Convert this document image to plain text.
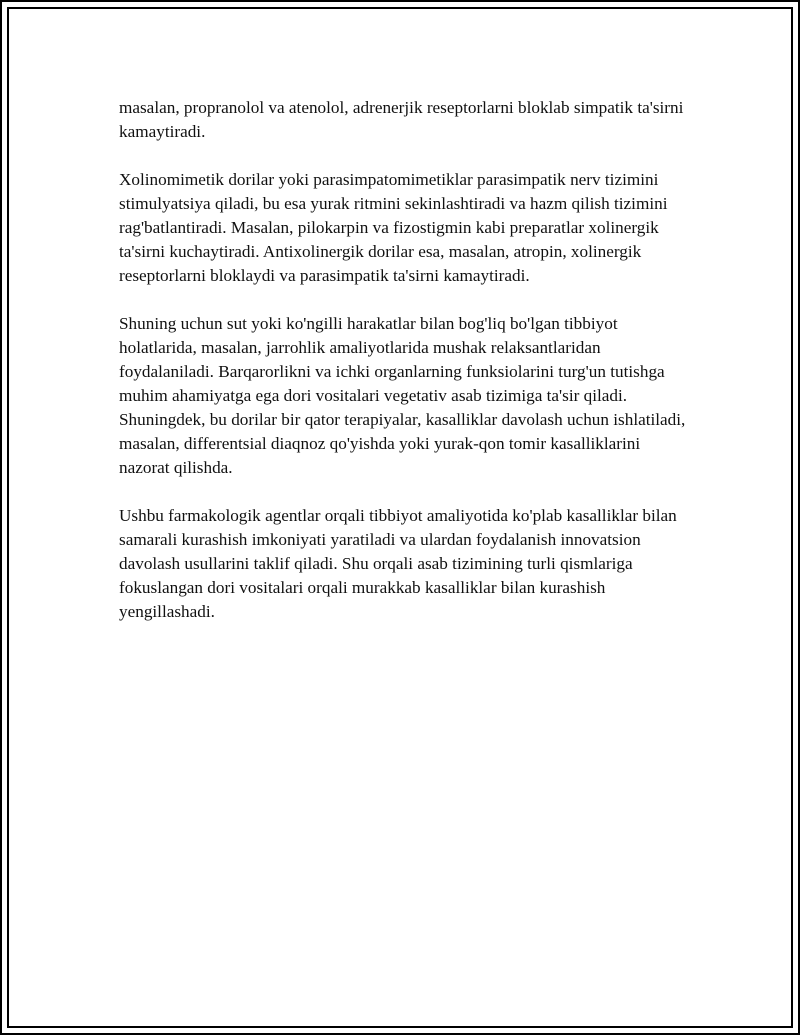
masalan, propranolol va atenolol, adrenerjik reseptorlarni bloklab simpatik ta'sirni kamaytiradi.

Xolinomimetik dorilar yoki parasimpatomimetiklar parasimpatik nerv tizimini stimulyatsiya qiladi, bu esa yurak ritmini sekinlashtiradi va hazm qilish tizimini rag'batlantiradi. Masalan, pilokarpin va fizostigmin kabi preparatlar xolinergik ta'sirni kuchaytiradi. Antixolinergik dorilar esa, masalan, atropin, xolinergik reseptorlarni bloklaydi va parasimpatik ta'sirni kamaytiradi.

Shuning uchun sut yoki ko'ngilli harakatlar bilan bog'liq bo'lgan tibbiyot holatlarida, masalan, jarrohlik amaliyotlarida mushak relaksantlaridan foydalaniladi. Barqarorlikni va ichki organlarning funksiolarini turg'un tutishga muhim ahamiyatga ega dori vositalari vegetativ asab tizimiga ta'sir qiladi. Shuningdek, bu dorilar bir qator terapiyalar, kasalliklar davolash uchun ishlatiladi, masalan, differentsial diaqnoz qo'yishda yoki yurak-qon tomir kasalliklarini nazorat qilishda.

Ushbu farmakologik agentlar orqali tibbiyot amaliyotida ko'plab kasalliklar bilan samarali kurashish imkoniyati yaratiladi va ulardan foydalanish innovatsion davolash usullarini taklif qiladi. Shu orqali asab tizimining turli qismlariga fokuslangan dori vositalari orqali murakkab kasalliklar bilan kurashish yengillashadi.
